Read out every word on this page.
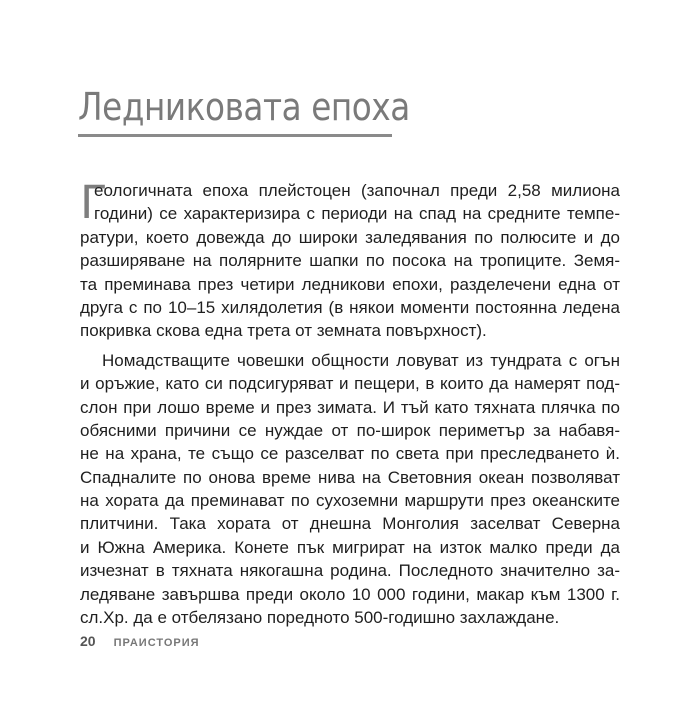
Ледниковата епоха
Г
еологичната епоха плейстоцен (започнал преди 2,58 милиона
години) се характеризира с периоди на спад на средните темпе-
ратури, което довежда до широки заледявания по полюсите и до
разширяване на полярните шапки по посока на тропиците. Земя-
та преминава през четири ледникови епохи, разделечени една от
друга с по 10–15 хилядолетия (в някои моменти постоянна ледена
покривка скова една трета от земната повърхност).
Номадстващите човешки общности ловуват из тундрата с огън
и оръжие, като си подсигуряват и пещери, в които да намерят под-
слон при лошо време и през зимата. И тъй като тяхната плячка по
обясними причини се нуждае от по-широк периметър за набавя-
не на храна, те също се разселват по света при преследването ѝ.
Спадналите по онова време нива на Световния океан позволяват
на хората да преминават по сухоземни маршрути през океанските
плитчини. Така хората от днешна Монголия заселват Северна
и Южна Америка. Конете пък мигрират на изток малко преди да
изчезнат в тяхната някогашна родина. Последното значително за-
ледяване завършва преди около 10 000 години, макар към 1300 г.
сл.Хр. да е отбелязано поредното 500-годишно захлаждане.
20 ПРАИСТОРИЯ
